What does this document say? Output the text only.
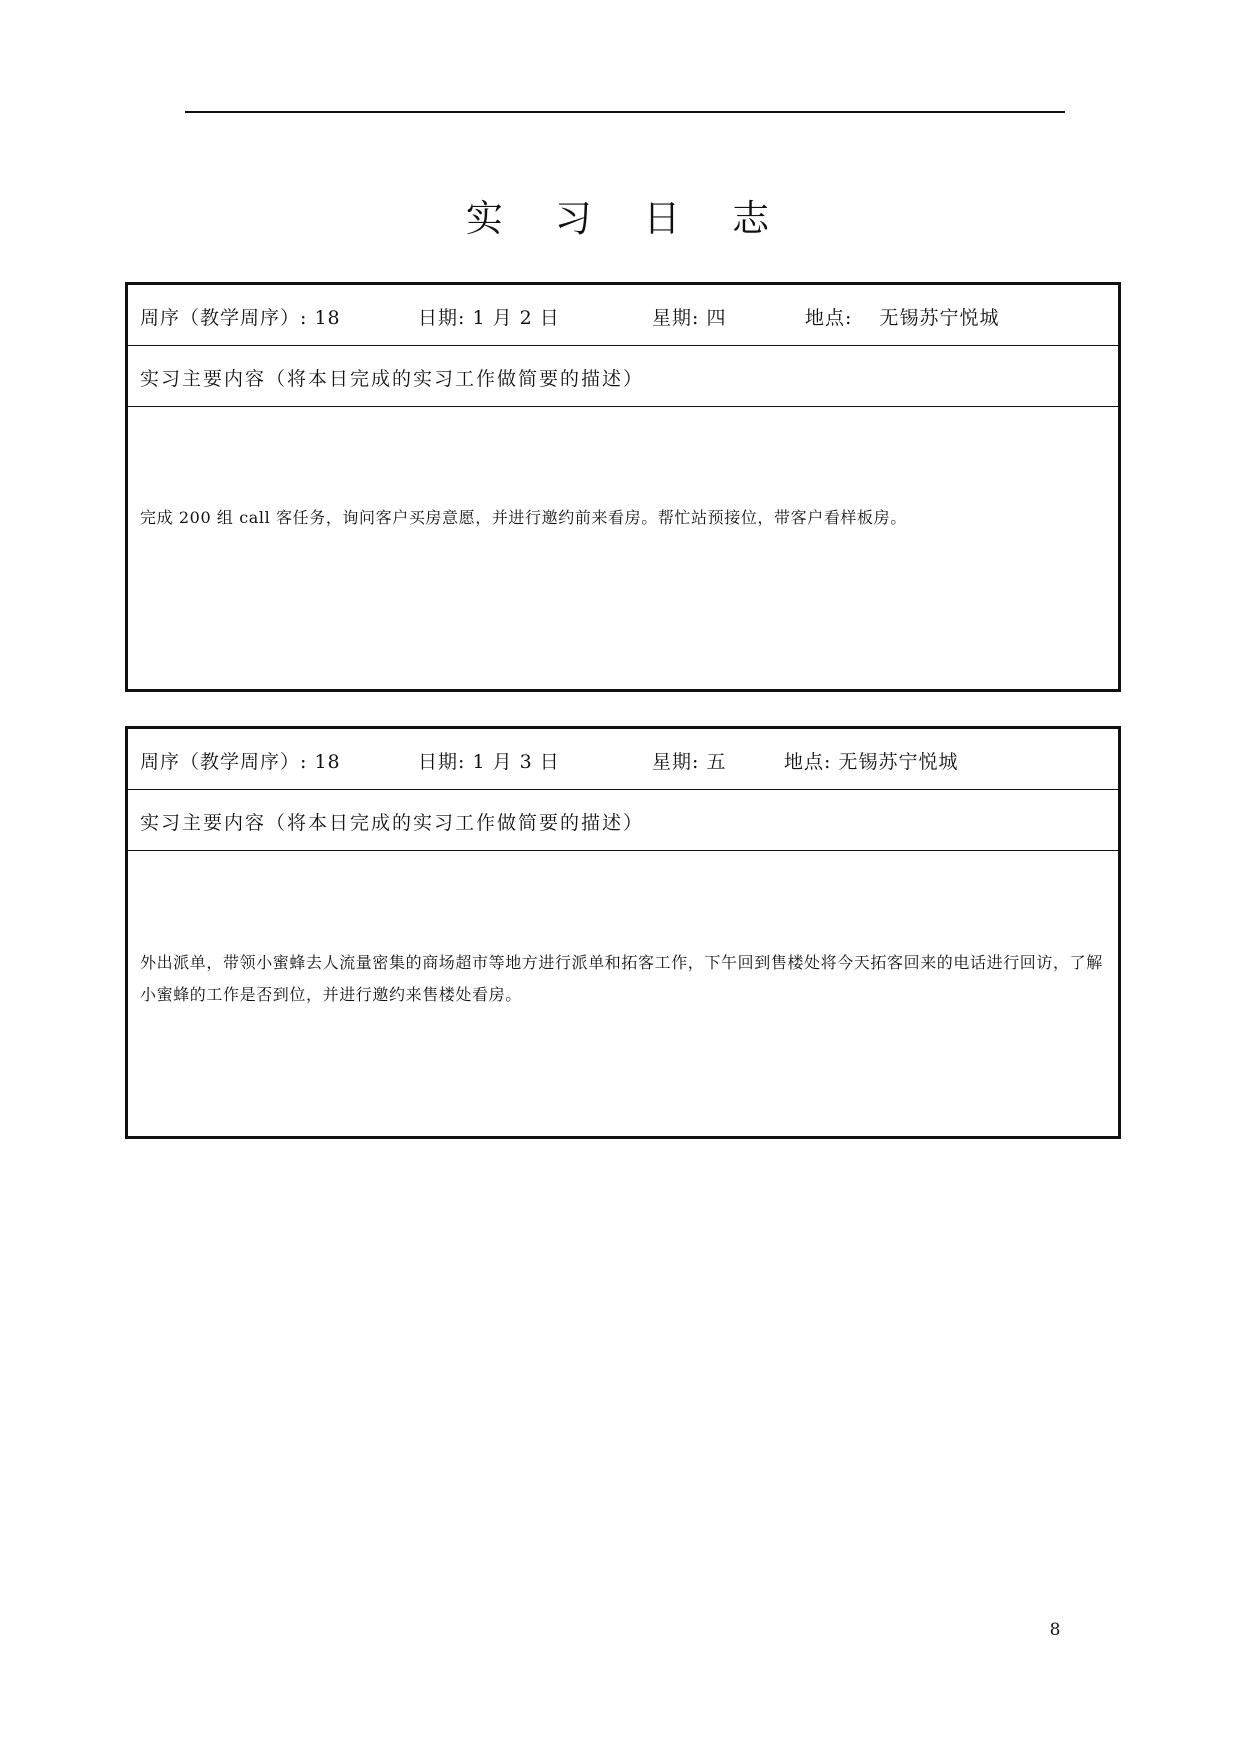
实 习 日 志
周序（教学周序）: 18	日期: 1 月 2 日	星期: 四	地点:　 无锡苏宁悦城
实习主要内容（将本日完成的实习工作做简要的描述）
完成 200 组 call 客任务，询问客户买房意愿，并进行邀约前来看房。帮忙站预接位，带客户看样板房。
周序（教学周序）: 18	日期: 1 月 3 日	星期: 五	地点: 无锡苏宁悦城
实习主要内容（将本日完成的实习工作做简要的描述）
外出派单，带领小蜜蜂去人流量密集的商场超市等地方进行派单和拓客工作，下午回到售楼处将今天拓客回来的电话进行回访，了解小蜜蜂的工作是否到位，并进行邀约来售楼处看房。
8
